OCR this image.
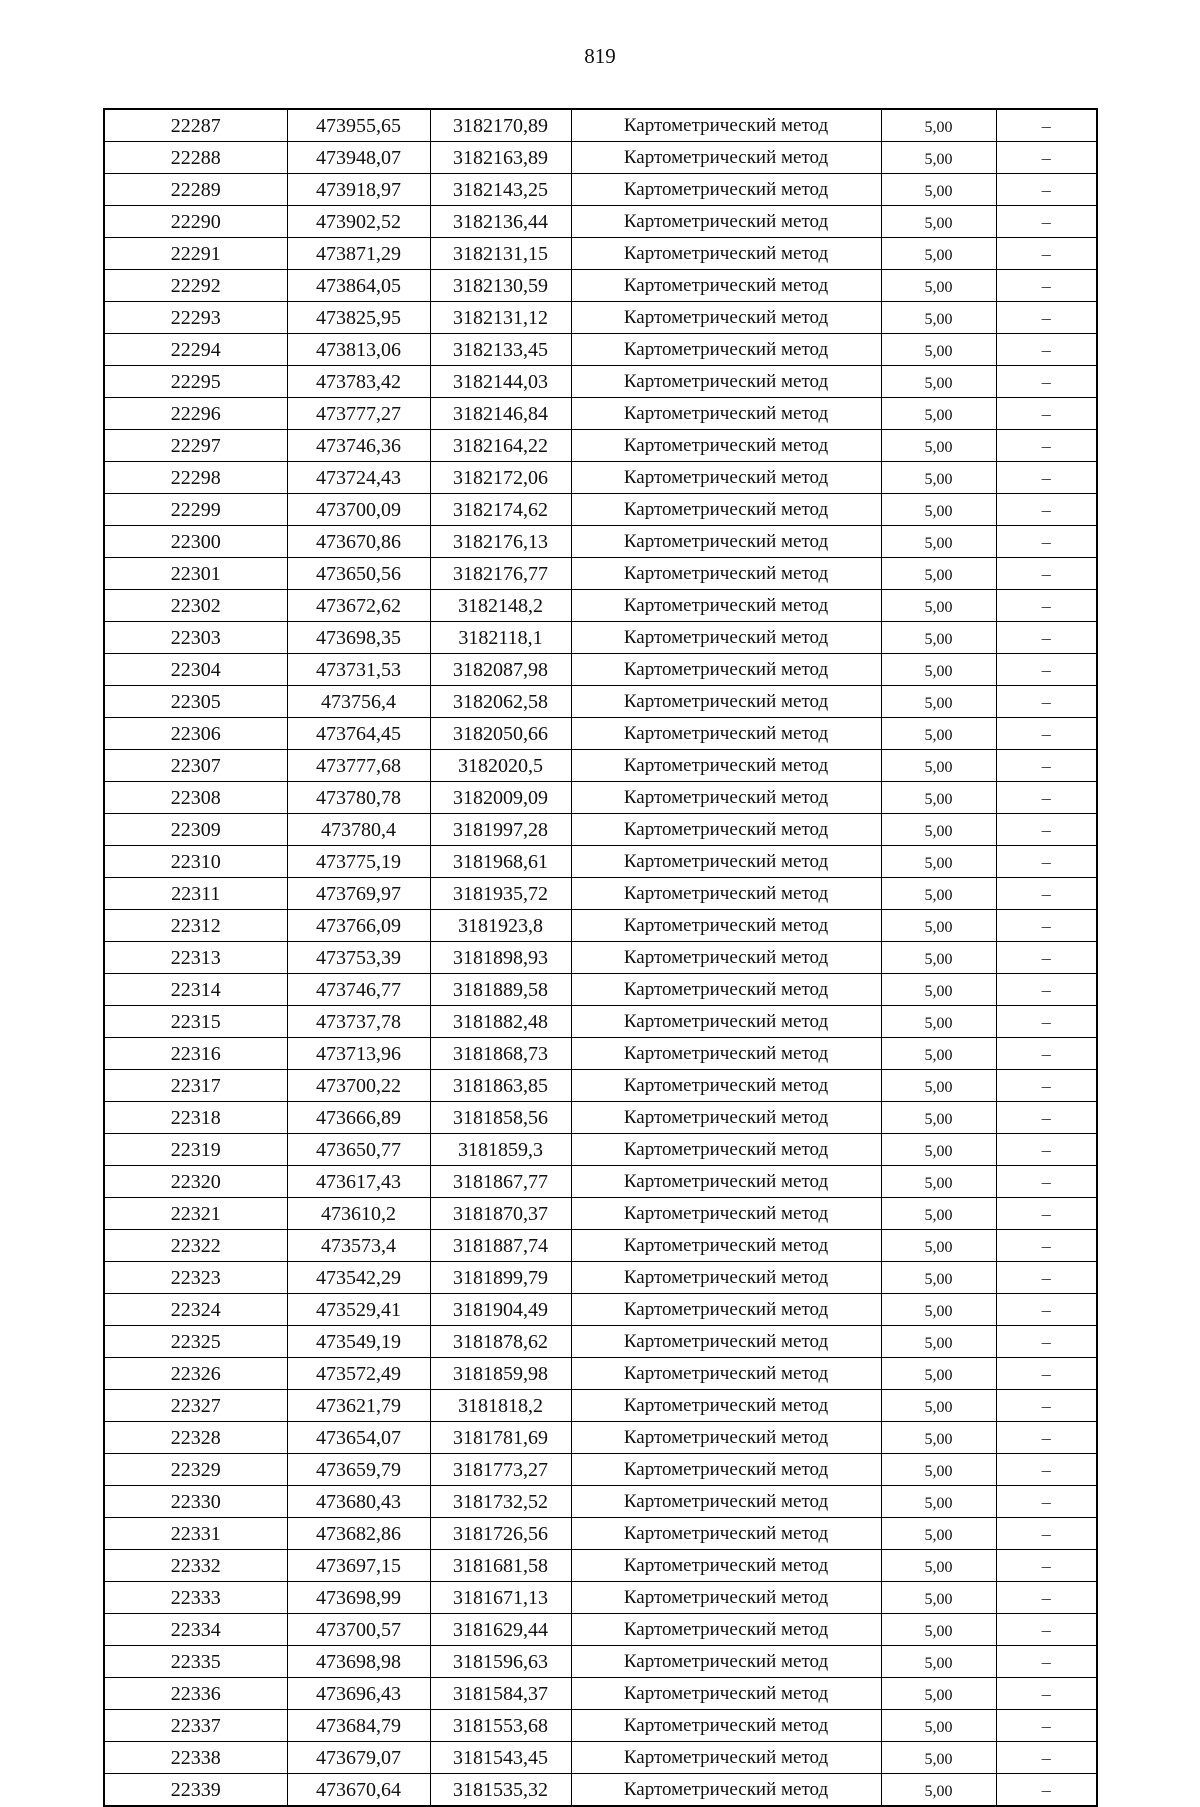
819
22287	473955,65	3182170,89	Картометрический метод	5,00	–
22288	473948,07	3182163,89	Картометрический метод	5,00	–
22289	473918,97	3182143,25	Картометрический метод	5,00	–
22290	473902,52	3182136,44	Картометрический метод	5,00	–
22291	473871,29	3182131,15	Картометрический метод	5,00	–
22292	473864,05	3182130,59	Картометрический метод	5,00	–
22293	473825,95	3182131,12	Картометрический метод	5,00	–
22294	473813,06	3182133,45	Картометрический метод	5,00	–
22295	473783,42	3182144,03	Картометрический метод	5,00	–
22296	473777,27	3182146,84	Картометрический метод	5,00	–
22297	473746,36	3182164,22	Картометрический метод	5,00	–
22298	473724,43	3182172,06	Картометрический метод	5,00	–
22299	473700,09	3182174,62	Картометрический метод	5,00	–
22300	473670,86	3182176,13	Картометрический метод	5,00	–
22301	473650,56	3182176,77	Картометрический метод	5,00	–
22302	473672,62	3182148,2	Картометрический метод	5,00	–
22303	473698,35	3182118,1	Картометрический метод	5,00	–
22304	473731,53	3182087,98	Картометрический метод	5,00	–
22305	473756,4	3182062,58	Картометрический метод	5,00	–
22306	473764,45	3182050,66	Картометрический метод	5,00	–
22307	473777,68	3182020,5	Картометрический метод	5,00	–
22308	473780,78	3182009,09	Картометрический метод	5,00	–
22309	473780,4	3181997,28	Картометрический метод	5,00	–
22310	473775,19	3181968,61	Картометрический метод	5,00	–
22311	473769,97	3181935,72	Картометрический метод	5,00	–
22312	473766,09	3181923,8	Картометрический метод	5,00	–
22313	473753,39	3181898,93	Картометрический метод	5,00	–
22314	473746,77	3181889,58	Картометрический метод	5,00	–
22315	473737,78	3181882,48	Картометрический метод	5,00	–
22316	473713,96	3181868,73	Картометрический метод	5,00	–
22317	473700,22	3181863,85	Картометрический метод	5,00	–
22318	473666,89	3181858,56	Картометрический метод	5,00	–
22319	473650,77	3181859,3	Картометрический метод	5,00	–
22320	473617,43	3181867,77	Картометрический метод	5,00	–
22321	473610,2	3181870,37	Картометрический метод	5,00	–
22322	473573,4	3181887,74	Картометрический метод	5,00	–
22323	473542,29	3181899,79	Картометрический метод	5,00	–
22324	473529,41	3181904,49	Картометрический метод	5,00	–
22325	473549,19	3181878,62	Картометрический метод	5,00	–
22326	473572,49	3181859,98	Картометрический метод	5,00	–
22327	473621,79	3181818,2	Картометрический метод	5,00	–
22328	473654,07	3181781,69	Картометрический метод	5,00	–
22329	473659,79	3181773,27	Картометрический метод	5,00	–
22330	473680,43	3181732,52	Картометрический метод	5,00	–
22331	473682,86	3181726,56	Картометрический метод	5,00	–
22332	473697,15	3181681,58	Картометрический метод	5,00	–
22333	473698,99	3181671,13	Картометрический метод	5,00	–
22334	473700,57	3181629,44	Картометрический метод	5,00	–
22335	473698,98	3181596,63	Картометрический метод	5,00	–
22336	473696,43	3181584,37	Картометрический метод	5,00	–
22337	473684,79	3181553,68	Картометрический метод	5,00	–
22338	473679,07	3181543,45	Картометрический метод	5,00	–
22339	473670,64	3181535,32	Картометрический метод	5,00	–
